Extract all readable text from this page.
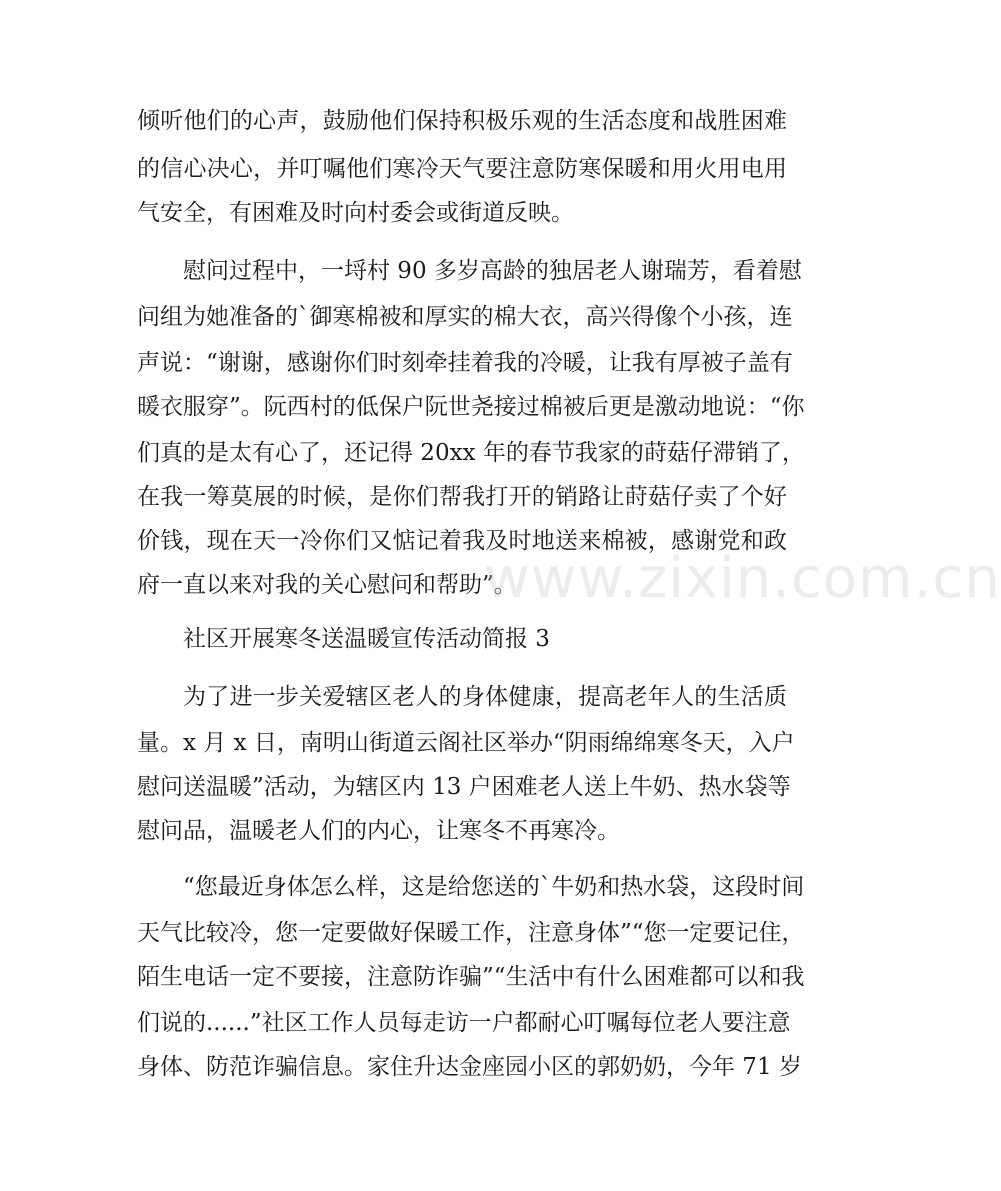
倾听他们的心声，鼓励他们保持积极乐观的生活态度和战胜困难
的信心决心，并叮嘱他们寒冷天气要注意防寒保暖和用火用电用
气安全，有困难及时向村委会或街道反映。
慰问过程中，一埒村 90 多岁高龄的独居老人谢瑞芳，看着慰
问组为她准备的`御寒棉被和厚实的棉大衣，高兴得像个小孩，连
声说：“谢谢，感谢你们时刻牵挂着我的冷暖，让我有厚被子盖有
暖衣服穿”。阮西村的低保户阮世尧接过棉被后更是激动地说：“你
们真的是太有心了，还记得 20xx 年的春节我家的莳菇仔滞销了，
在我一筹莫展的时候，是你们帮我打开的销路让莳菇仔卖了个好
价钱，现在天一冷你们又惦记着我及时地送来棉被，感谢党和政
府一直以来对我的关心慰问和帮助”。
社区开展寒冬送温暖宣传活动简报 3
为了进一步关爱辖区老人的身体健康，提高老年人的生活质
量。x 月 x 日，南明山街道云阁社区举办“阴雨绵绵寒冬天，入户
慰问送温暖”活动，为辖区内 13 户困难老人送上牛奶、热水袋等
慰问品，温暖老人们的内心，让寒冬不再寒冷。
“您最近身体怎么样，这是给您送的`牛奶和热水袋，这段时间
天气比较冷，您一定要做好保暖工作，注意身体”“您一定要记住，
陌生电话一定不要接，注意防诈骗”“生活中有什么困难都可以和我
们说的......”社区工作人员每走访一户都耐心叮嘱每位老人要注意
身体、防范诈骗信息。家住升达金座园小区的郭奶奶，今年 71 岁
www.zixin.com.cn
